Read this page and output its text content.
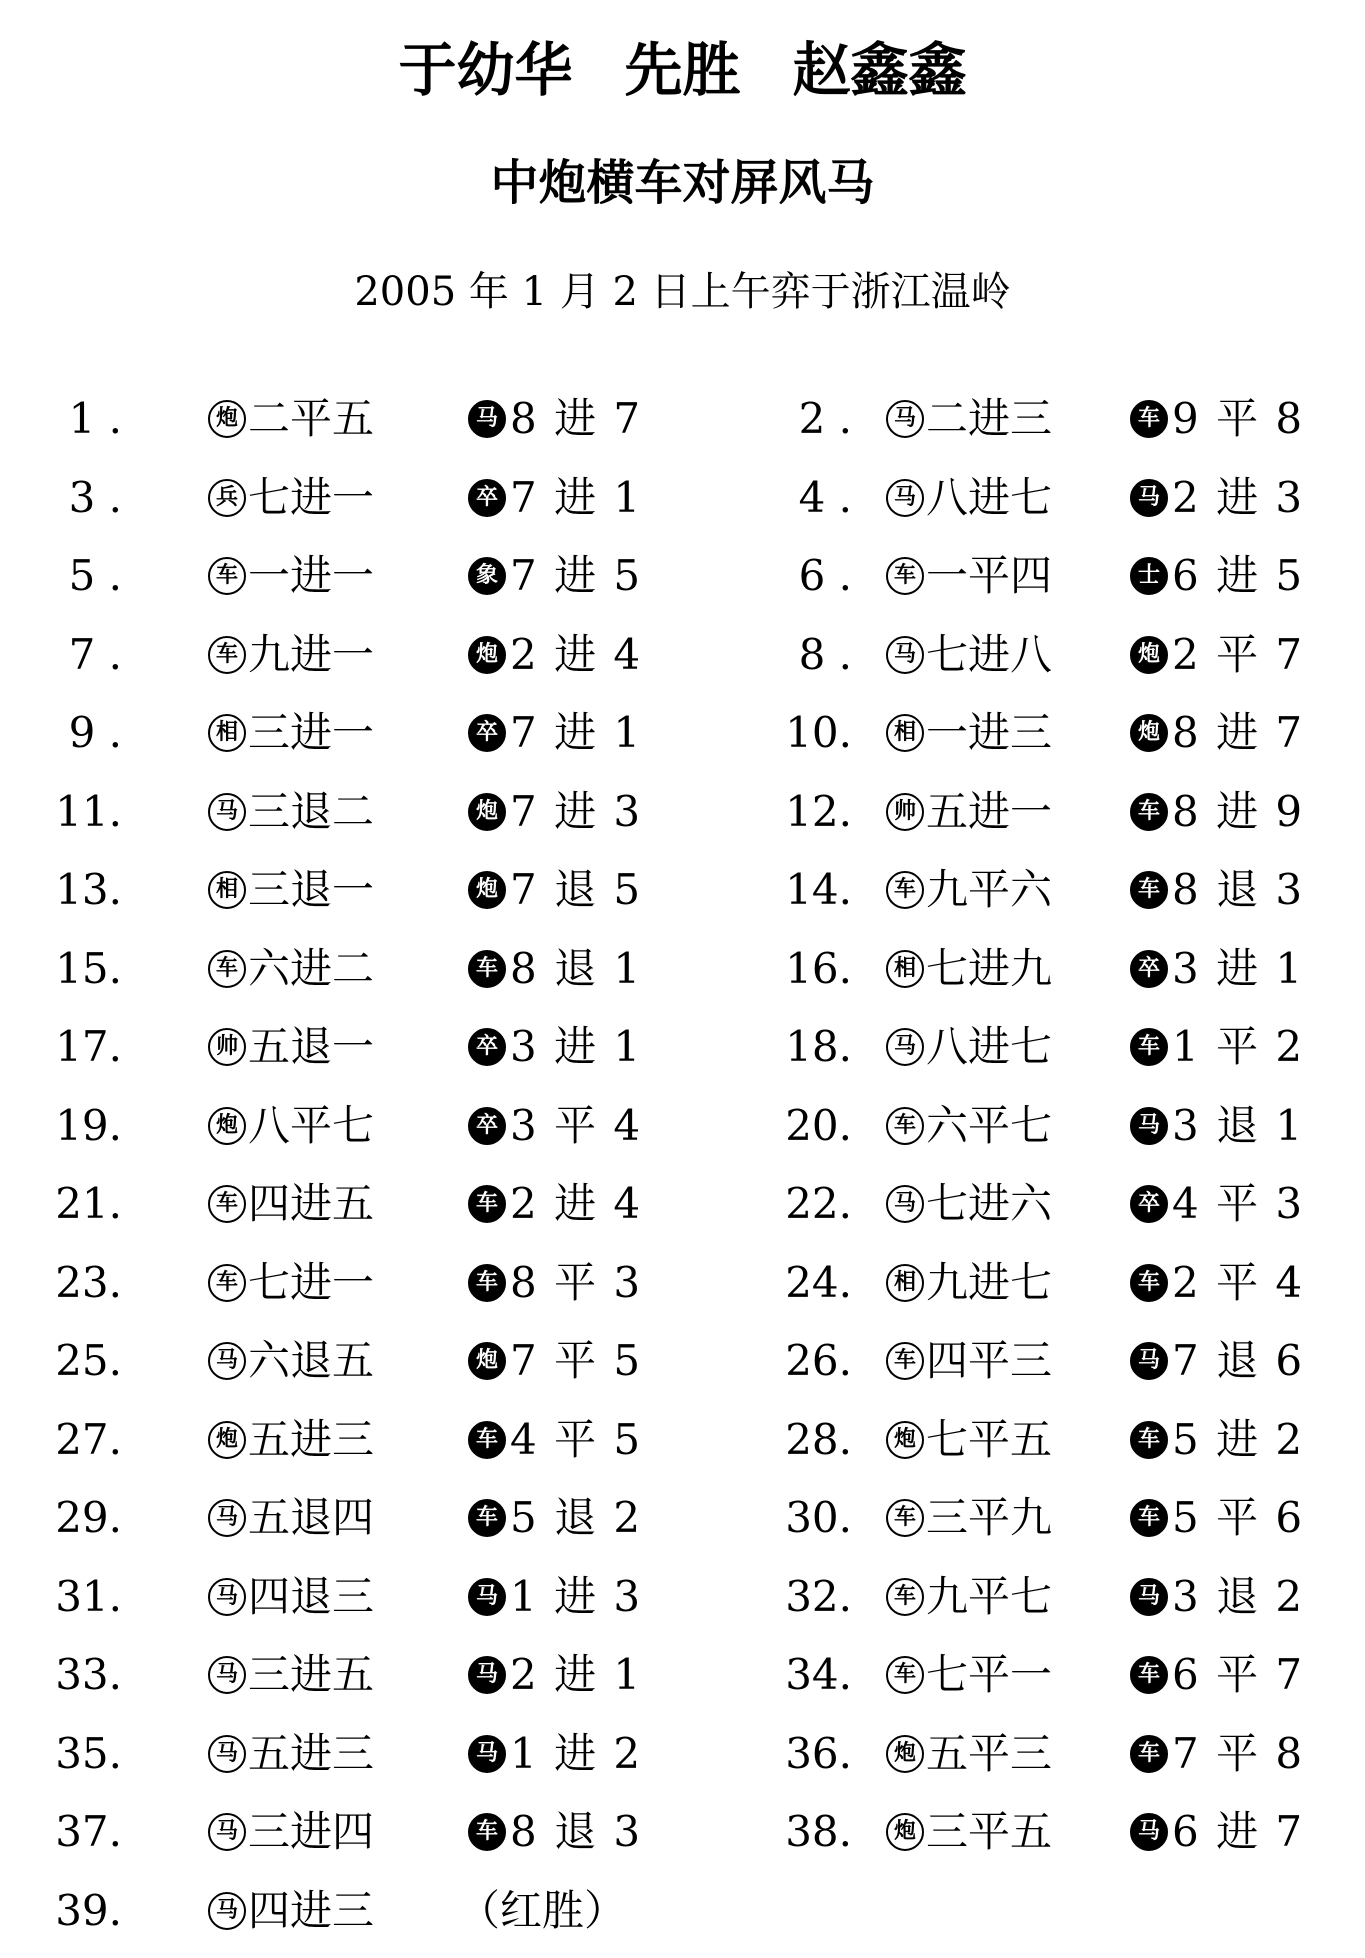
于幼华 先胜 赵鑫鑫
中炮横车对屏风马
2005 年 1 月 2 日上午弈于浙江温岭
1 .	炮 二平五	马 8 进 7	2 .	马 二进三	车 9 平 8
3 .	兵 七进一	卒 7 进 1	4 .	马 八进七	马 2 进 3
5 .	车 一进一	象 7 进 5	6 .	车 一平四	士 6 进 5
7 .	车 九进一	炮 2 进 4	8 .	马 七进八	炮 2 平 7
9 .	相 三进一	卒 7 进 1	10.	相 一进三	炮 8 进 7
11.	马 三退二	炮 7 进 3	12.	帅 五进一	车 8 进 9
13.	相 三退一	炮 7 退 5	14.	车 九平六	车 8 退 3
15.	车 六进二	车 8 退 1	16.	相 七进九	卒 3 进 1
17.	帅 五退一	卒 3 进 1	18.	马 八进七	车 1 平 2
19.	炮 八平七	卒 3 平 4	20.	车 六平七	马 3 退 1
21.	车 四进五	车 2 进 4	22.	马 七进六	卒 4 平 3
23.	车 七进一	车 8 平 3	24.	相 九进七	车 2 平 4
25.	马 六退五	炮 7 平 5	26.	车 四平三	马 7 退 6
27.	炮 五进三	车 4 平 5	28.	炮 七平五	车 5 进 2
29.	马 五退四	车 5 退 2	30.	车 三平九	车 5 平 6
31.	马 四退三	马 1 进 3	32.	车 九平七	马 3 退 2
33.	马 三进五	马 2 进 1	34.	车 七平一	车 6 平 7
35.	马 五进三	马 1 进 2	36.	炮 五平三	车 7 平 8
37.	马 三进四	车 8 退 3	38.	炮 三平五	马 6 进 7
39.	马 四进三 （红胜）
